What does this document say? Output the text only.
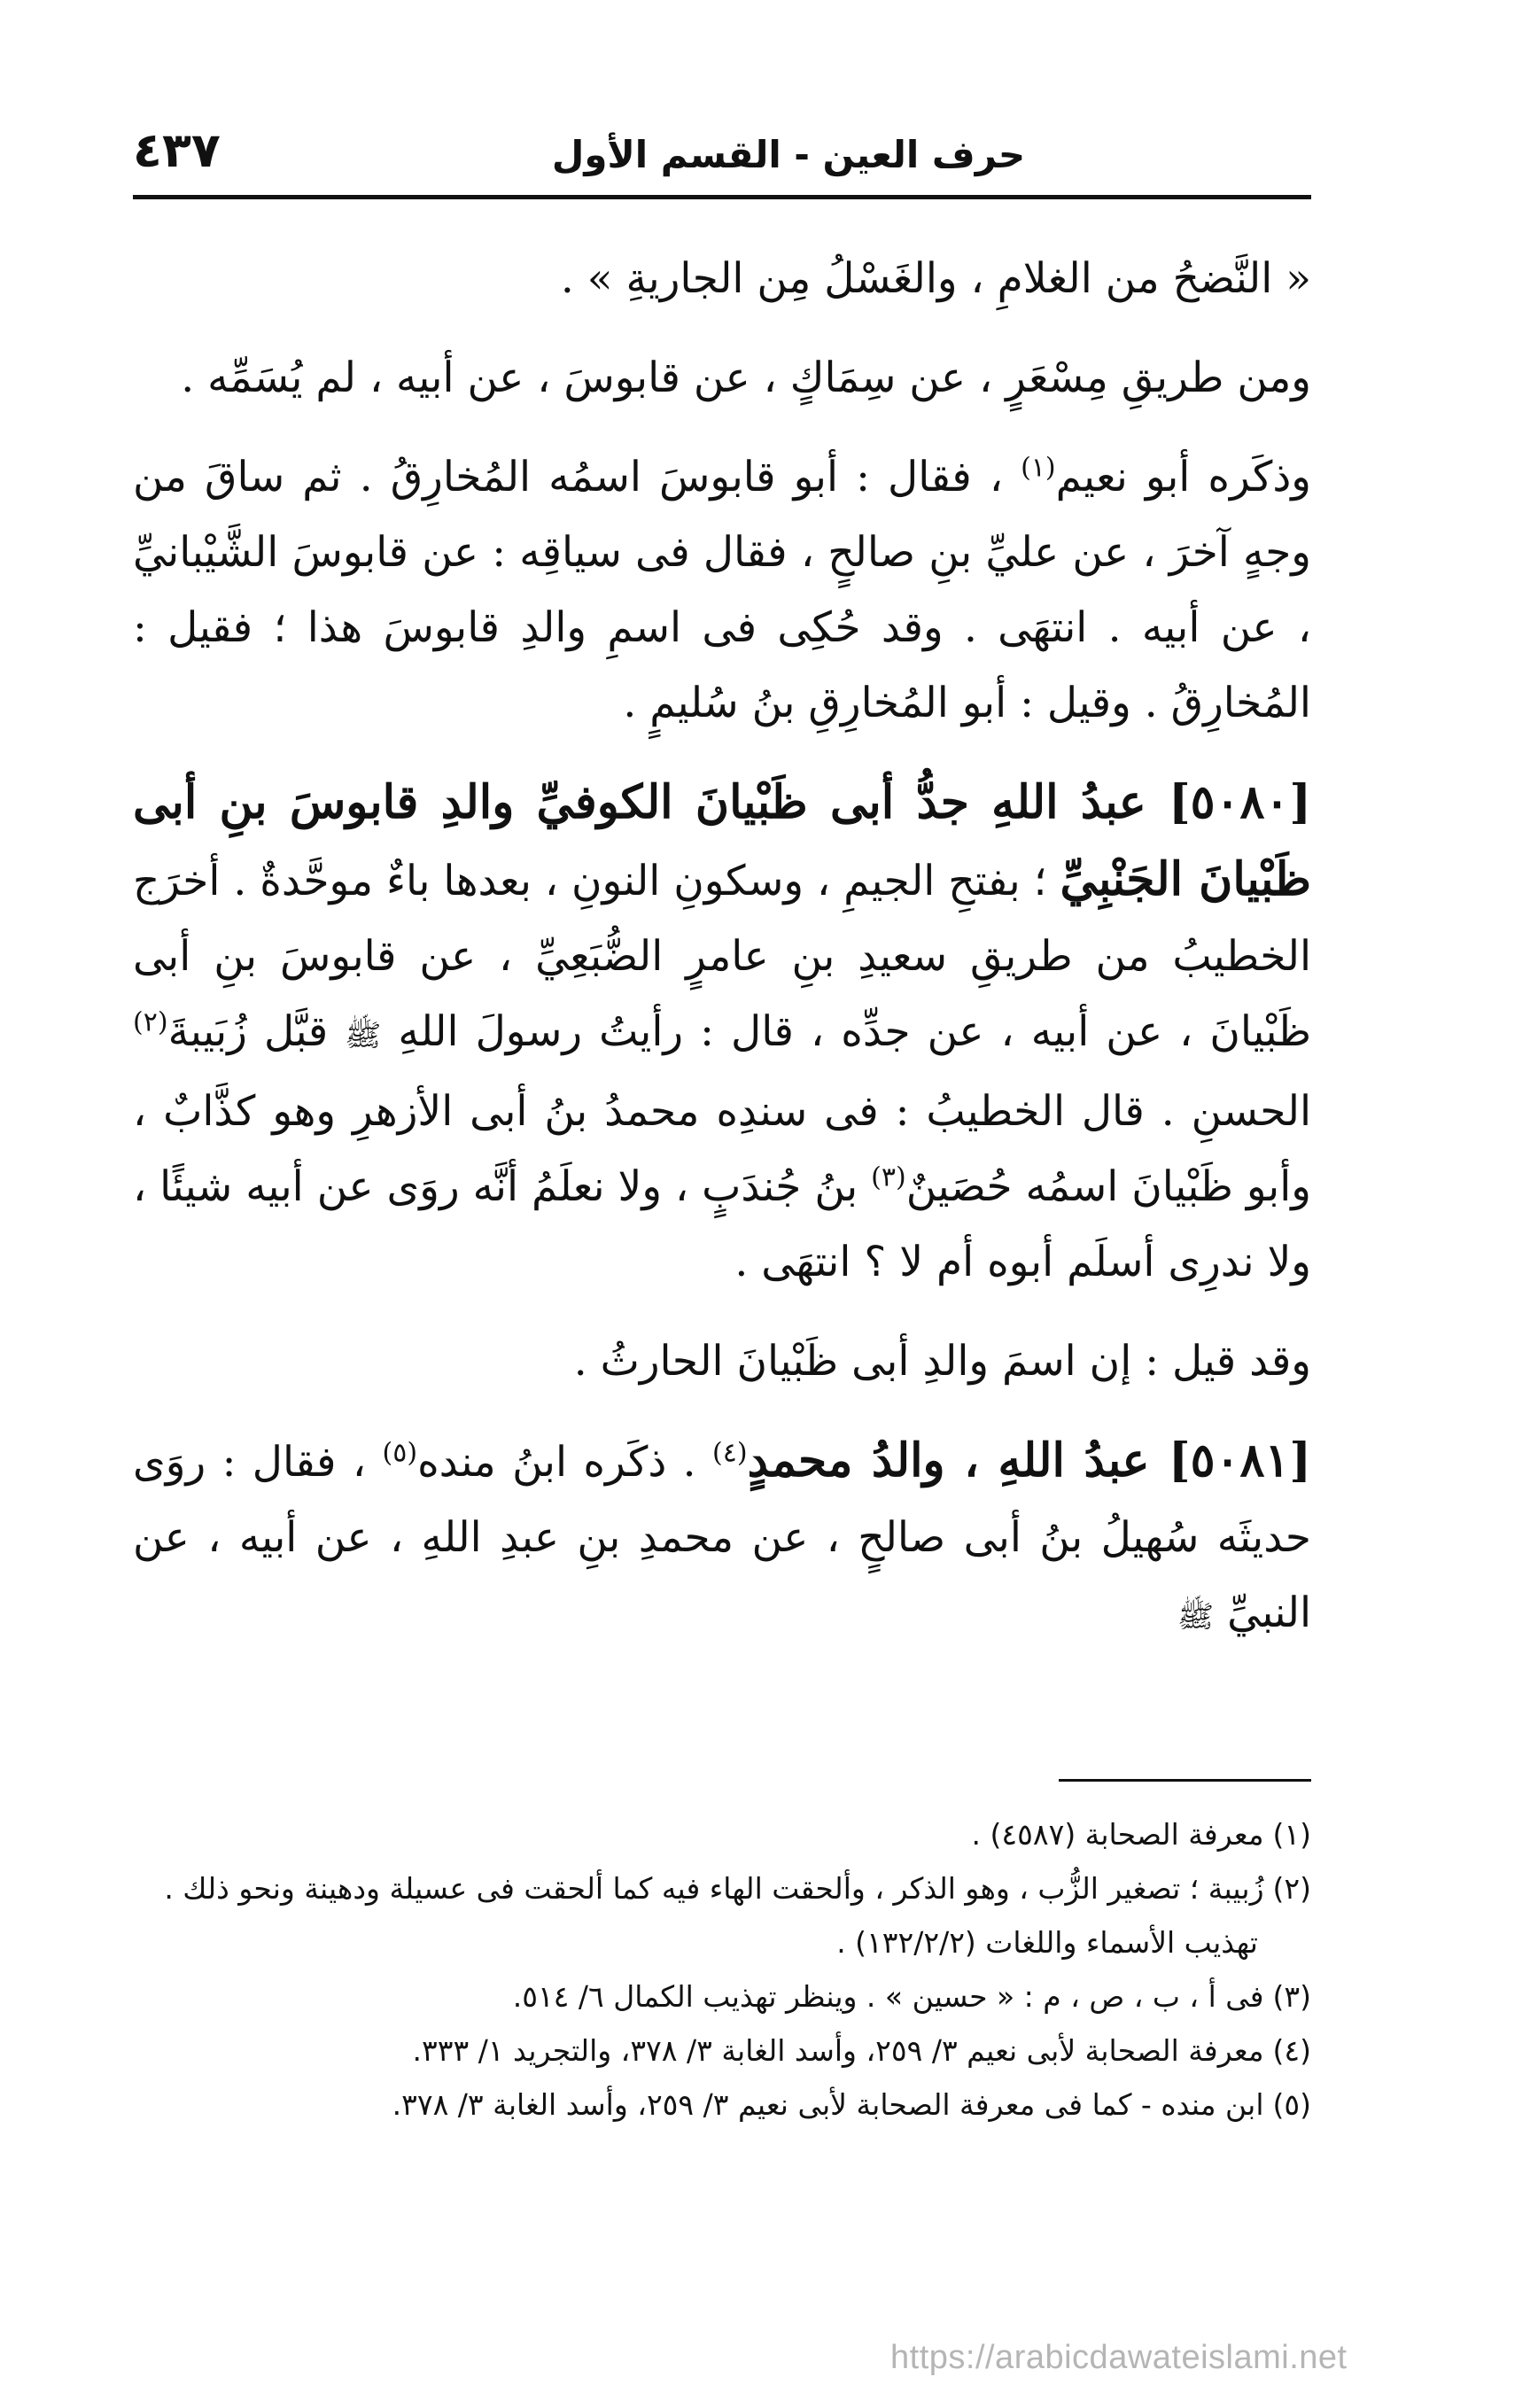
٤٣٧	حرف العين - القسم الأول

« النَّضحُ من الغلامِ ، والغَسْلُ مِن الجاريةِ » .

ومن طريقِ مِسْعَرٍ ، عن سِمَاكٍ ، عن قابوسَ ، عن أبيه ، لم يُسَمِّه .

وذكَره أبو نعيم$^{(١)}$ ، فقال : أبو قابوسَ اسمُه المُخارِقُ . ثم ساقَ من وجهٍ آخرَ ، عن عليِّ بنِ صالحٍ ، فقال فى سياقِه : عن قابوسَ الشَّيْبانيِّ ، عن أبيه . انتهَى . وقد حُكِى فى اسمِ والدِ قابوسَ هذا ؛ فقيل : المُخارِقُ . وقيل : أبو المُخارِقِ بنُ سُليمٍ .

[٥٠٨٠] عبدُ اللهِ جدُّ أبى ظَبْيانَ الكوفيِّ والدِ قابوسَ بنِ أبى ظَبْيانَ الجَنْبِيِّ ؛ بفتحِ الجيمِ ، وسكونِ النونِ ، بعدها باءٌ موحَّدةٌ . أخرَج الخطيبُ من طريقِ سعيدِ بنِ عامرٍ الضُّبَعِيِّ ، عن قابوسَ بنِ أبى ظَبْيانَ ، عن أبيه ، عن جدِّه ، قال : رأيتُ رسولَ اللهِ ﷺ قبَّل زُبَيبةَ$^{(٢)}$ الحسنِ . قال الخطيبُ : فى سندِه محمدُ بنُ أبى الأزهرِ وهو كذَّابٌ ، وأبو ظَبْيانَ اسمُه حُصَينٌ$^{(٣)}$ بنُ جُندَبٍ ، ولا نعلَمُ أنَّه روَى عن أبيه شيئًا ، ولا ندرِى أسلَم أبوه أم لا ؟ انتهَى .

وقد قيل : إن اسمَ والدِ أبى ظَبْيانَ الحارثُ .

[٥٠٨١] عبدُ اللهِ ، والدُ محمدٍ$^{(٤)}$ . ذكَره ابنُ منده$^{(٥)}$ ، فقال : روَى حديثَه سُهيلُ بنُ أبى صالحٍ ، عن محمدِ بنِ عبدِ اللهِ ، عن أبيه ، عن النبيِّ ﷺ

(١)معرفة الصحابة (٤٥٨٧) .

(٢)زُبيبة ؛ تصغير الزُّب ، وهو الذكر ، وألحقت الهاء فيه كما ألحقت فى عسيلة ودهينة ونحو ذلك .

تهذيب الأسماء واللغات (١٣٢/٢/٢) .

(٣)فى أ ، ب ، ص ، م : « حسين » . وينظر تهذيب الكمال ٦/ ٥١٤.

(٤)معرفة الصحابة لأبى نعيم ٣/ ٢٥٩، وأسد الغابة ٣/ ٣٧٨، والتجريد ١/ ٣٣٣.

(٥)ابن منده - كما فى معرفة الصحابة لأبى نعيم ٣/ ٢٥٩، وأسد الغابة ٣/ ٣٧٨.

https://arabicdawateislami.net
